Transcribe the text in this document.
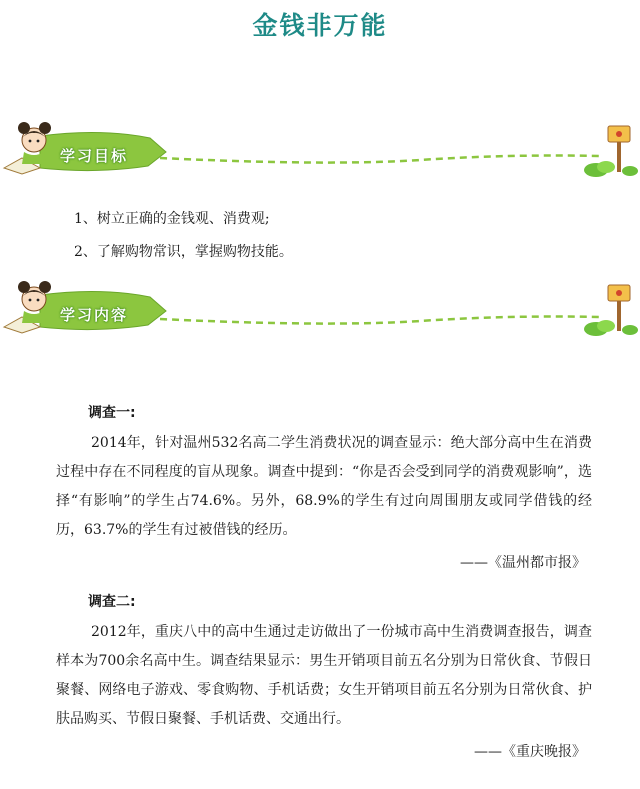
金钱非万能
学习目标
1、树立正确的金钱观、消费观;
2、了解购物常识，掌握购物技能。
学习内容
调查一:
2014年，针对温州532名高二学生消费状况的调查显示：绝大部分高中生在消费过程中存在不同程度的盲从现象。调查中提到：“你是否会受到同学的消费观影响”，选择“有影响”的学生占74.6%。另外，68.9%的学生有过向周围朋友或同学借钱的经历，63.7%的学生有过被借钱的经历。
——《温州都市报》
调查二:
2012年，重庆八中的高中生通过走访做出了一份城市高中生消费调查报告，调查样本为700余名高中生。调查结果显示：男生开销项目前五名分别为日常伙食、节假日聚餐、网络电子游戏、零食购物、手机话费；女生开销项目前五名分别为日常伙食、护肤品购买、节假日聚餐、手机话费、交通出行。
——《重庆晚报》
